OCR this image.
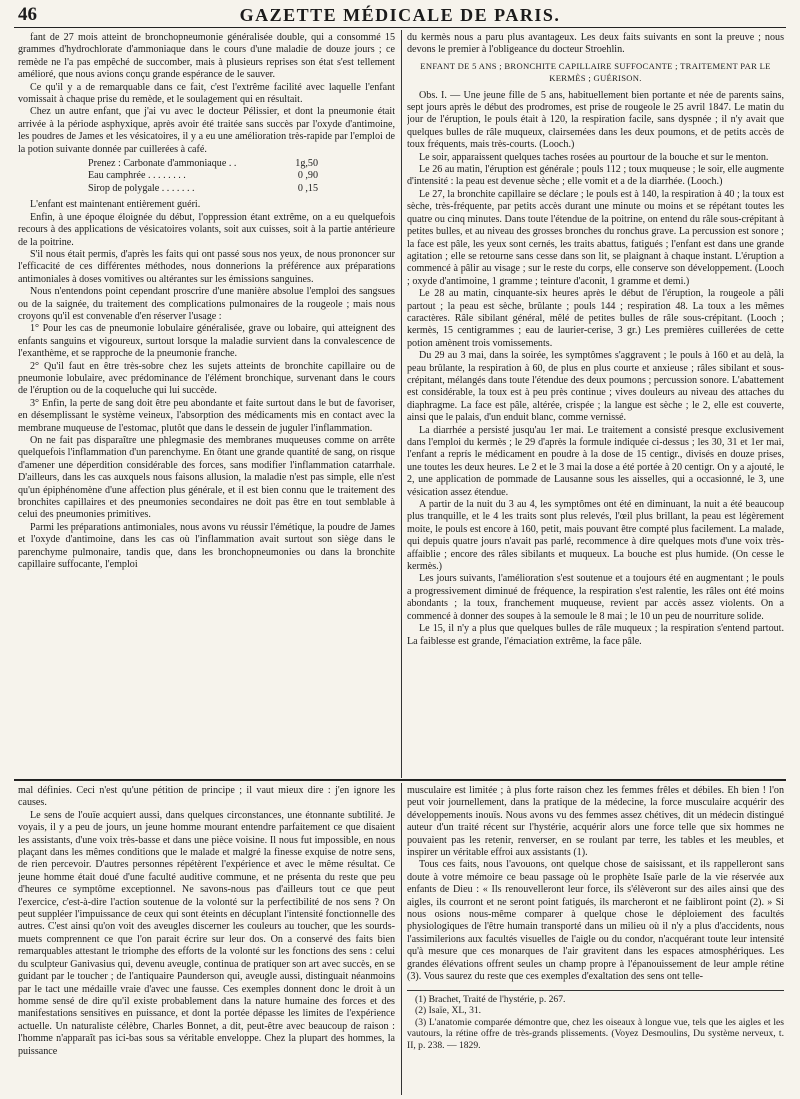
46	GAZETTE MÉDICALE DE PARIS.

fant de 27 mois atteint de bronchopneumonie généralisée double, qui a consommé 15 grammes d'hydrochlorate d'ammoniaque dans le cours d'une maladie de douze jours ; ce remède ne l'a pas empêché de succomber, mais à plusieurs reprises son état s'est tellement amélioré, que nous avions conçu grande espérance de le sauver.

Ce qu'il y a de remarquable dans ce fait, c'est l'extrême facilité avec laquelle l'enfant vomissait à chaque prise du remède, et le soulagement qui en résultait.

Chez un autre enfant, que j'ai vu avec le docteur Pélissier, et dont la pneumonie était arrivée à la période asphyxique, après avoir été traitée sans succès par l'oxyde d'antimoine, les poudres de James et les vésicatoires, il y a eu une amélioration très-rapide par l'emploi de la potion suivante donnée par cuillerées à café.

Prenez : Carbonate d'ammoniaque . .	1g,50
Eau camphrée . . . . . . . .	0 ,90
Sirop de polygale . . . . . . .	0 ,15

L'enfant est maintenant entièrement guéri.

Enfin, à une époque éloignée du début, l'oppression étant extrême, on a eu quelquefois recours à des applications de vésicatoires volants, soit aux cuisses, soit à la partie antérieure de la poitrine.

S'il nous était permis, d'après les faits qui ont passé sous nos yeux, de nous prononcer sur l'efficacité de ces différentes méthodes, nous donnerions la préférence aux préparations antimoniales à doses vomitives ou altérantes sur les émissions sanguines.

Nous n'entendons point cependant proscrire d'une manière absolue l'emploi des sangsues ou de la saignée, du traitement des complications pulmonaires de la rougeole ; mais nous croyons qu'il est convenable d'en réserver l'usage :

1° Pour les cas de pneumonie lobulaire généralisée, grave ou lobaire, qui atteignent des enfants sanguins et vigoureux, surtout lorsque la maladie survient dans la convalescence de l'exanthème, et se rapproche de la pneumonie franche.

2° Qu'il faut en être très-sobre chez les sujets atteints de bronchite capillaire ou de pneumonie lobulaire, avec prédominance de l'élément bronchique, survenant dans le cours de l'éruption ou de la coqueluche qui lui succède.

3° Enfin, la perte de sang doit être peu abondante et faite surtout dans le but de favoriser, en désemplissant le système veineux, l'absorption des médicaments mis en contact avec la membrane muqueuse de l'estomac, plutôt que dans le dessein de juguler l'inflammation.

On ne fait pas disparaître une phlegmasie des membranes muqueuses comme on arrête quelquefois l'inflammation d'un parenchyme. En ôtant une grande quantité de sang, on risque d'amener une déperdition considérable des forces, sans modifier l'inflammation catarrhale. D'ailleurs, dans les cas auxquels nous faisons allusion, la maladie n'est pas simple, elle n'est qu'un épiphénomène d'une affection plus générale, et il est bien connu que le traitement des bronchites capillaires et des pneumonies secondaires ne doit pas être en tout semblable à celui des pneumonies primitives.

Parmi les préparations antimoniales, nous avons vu réussir l'émétique, la poudre de James et l'oxyde d'antimoine, dans les cas où l'inflammation avait surtout son siège dans le parenchyme pulmonaire, tandis que, dans les bronchopneumonies ou dans la bronchite capillaire suffocante, l'emploi

du kermès nous a paru plus avantageux. Les deux faits suivants en sont la preuve ; nous devons le premier à l'obligeance du docteur Stroehlin.

ENFANT DE 5 ANS ; BRONCHITE CAPILLAIRE SUFFOCANTE ; TRAITEMENT PAR LE KERMÈS ; GUÉRISON.

Obs. I. — Une jeune fille de 5 ans, habituellement bien portante et née de parents sains, sept jours après le début des prodromes, est prise de rougeole le 25 avril 1847. Le matin du jour de l'éruption, le pouls était à 120, la respiration facile, sans dyspnée ; il n'y avait que quelques bulles de râle muqueux, clairsemées dans les deux poumons, et de petits accès de toux fréquents, mais très-courts. (Looch.)

Le soir, apparaissent quelques taches rosées au pourtour de la bouche et sur le menton.

Le 26 au matin, l'éruption est générale ; pouls 112 ; toux muqueuse ; le soir, elle augmente d'intensité : la peau est devenue sèche ; elle vomit et a de la diarrhée. (Looch.)

Le 27, la bronchite capillaire se déclare ; le pouls est à 140, la respiration à 40 ; la toux est sèche, très-fréquente, par petits accès durant une minute ou moins et se répétant toutes les quatre ou cinq minutes. Dans toute l'étendue de la poitrine, on entend du râle sous-crépitant à petites bulles, et au niveau des grosses bronches du ronchus grave. La percussion est sonore ; la face est pâle, les yeux sont cernés, les traits abattus, fatigués ; l'enfant est dans une grande agitation ; elle se retourne sans cesse dans son lit, se plaignant à chaque instant. L'éruption a commencé à pâlir au visage ; sur le reste du corps, elle conserve son développement. (Looch ; oxyde d'antimoine, 1 gramme ; teinture d'aconit, 1 gramme et demi.)

Le 28 au matin, cinquante-six heures après le début de l'éruption, la rougeole a pâli partout ; la peau est sèche, brûlante ; pouls 144 ; respiration 48. La toux a les mêmes caractères. Râle sibilant général, mêlé de petites bulles de râle sous-crépitant. (Looch ; kermès, 15 centigrammes ; eau de laurier-cerise, 3 gr.) Les premières cuillerées de cette potion amènent trois vomissements.

Du 29 au 3 mai, dans la soirée, les symptômes s'aggravent ; le pouls à 160 et au delà, la peau brûlante, la respiration à 60, de plus en plus courte et anxieuse ; râles sibilant et sous-crépitant, mélangés dans toute l'étendue des deux poumons ; percussion sonore. L'abattement est considérable, la toux est à peu près continue ; vives douleurs au niveau des attaches du diaphragme. La face est pâle, altérée, crispée ; la langue est sèche ; le 2, elle est couverte, ainsi que le palais, d'un enduit blanc, comme vernissé.

La diarrhée a persisté jusqu'au 1er mai. Le traitement a consisté presque exclusivement dans l'emploi du kermès ; le 29 d'après la formule indiquée ci-dessus ; les 30, 31 et 1er mai, l'enfant a reprís le médicament en poudre à la dose de 15 centigr., divisés en douze prises, une toutes les deux heures. Le 2 et le 3 mai la dose a été portée à 20 centigr. On y a ajouté, le 2, une application de pommade de Lausanne sous les aisselles, qui a occasionné, le 3, une vésication assez étendue.

A partir de la nuit du 3 au 4, les symptômes ont été en diminuant, la nuit a été beaucoup plus tranquille, et le 4 les traits sont plus relevés, l'œil plus brillant, la peau est légèrement moite, le pouls est encore à 160, petit, mais pouvant être compté plus facilement. La malade, qui depuis quatre jours n'avait pas parlé, recommence à dire quelques mots d'une voix très-affaiblie ; encore des râles sibilants et muqueux. La bouche est plus humide. (On cesse le kermès.)

Les jours suivants, l'amélioration s'est soutenue et a toujours été en augmentant ; le pouls a progressivement diminué de fréquence, la respiration s'est ralentie, les râles ont été moins abondants ; la toux, franchement muqueuse, revient par accès assez violents. On a commencé à donner des soupes à la semoule le 8 mai ; le 10 un peu de nourriture solide.

Le 15, il n'y a plus que quelques bulles de râle muqueux ; la respiration s'entend partout. La faiblesse est grande, l'émaciation extrême, la face pâle.

mal définies. Ceci n'est qu'une pétition de principe ; il vaut mieux dire : j'en ignore les causes.

Le sens de l'ouïe acquiert aussi, dans quelques circonstances, une étonnante subtilité. Je voyais, il y a peu de jours, un jeune homme mourant entendre parfaitement ce que disaient les assistants, d'une voix très-basse et dans une pièce voisine. Il nous fut impossible, en nous plaçant dans les mêmes conditions que le malade et malgré la finesse exquise de notre sens, de rien percevoir. D'autres personnes répétèrent l'expérience et avec le même résultat. Ce jeune homme était doué d'une faculté auditive commune, et ne présenta du reste que peu d'heures ce symptôme exceptionnel. Ne savons-nous pas d'ailleurs tout ce que peut l'exercice, c'est-à-dire l'action soutenue de la volonté sur la perfectibilité de nos sens ? On peut suppléer l'impuissance de ceux qui sont éteints en décuplant l'intensité fonctionnelle des autres. C'est ainsi qu'on voit des aveugles discerner les couleurs au toucher, que les sourds-muets comprennent ce que l'on parait écrire sur leur dos. On a conservé des faits bien remarquables attestant le triomphe des efforts de la volonté sur les fonctions des sens : celui du sculpteur Ganivasius qui, devenu aveugle, continua de pratiquer son art avec succès, en se guidant par le toucher ; de l'antiquaire Paunderson qui, aveugle aussi, distinguait néanmoins par le tact une médaille vraie d'avec une fausse. Ces exemples donnent donc le droit à un homme sensé de dire qu'il existe probablement dans la nature humaine des forces et des manifestations sensitives en puissance, et dont la portée dépasse les limites de l'expérience actuelle. Un naturaliste célèbre, Charles Bonnet, a dit, peut-être avec beaucoup de raison : l'homme n'apparaît pas ici-bas sous sa véritable enveloppe. Chez la plupart des hommes, la puissance

musculaire est limitée ; à plus forte raison chez les femmes frêles et débiles. Eh bien ! l'on peut voir journellement, dans la pratique de la médecine, la force musculaire acquérir des développements inouïs. Nous avons vu des femmes assez chétives, dit un médecin distingué auteur d'un traité récent sur l'hystérie, acquérir alors une force telle que six hommes ne pouvaient pas les retenir, renverser, en se roulant par terre, les tables et les meubles, et inspirer un véritable effroi aux assistants (1).

Tous ces faits, nous l'avouons, ont quelque chose de saisissant, et ils rappelleront sans doute à votre mémoire ce beau passage où le prophète Isaïe parle de la vie réservée aux enfants de Dieu : « Ils renouvelleront leur force, ils s'élèveront sur des ailes ainsi que des aigles, ils courront et ne seront point fatigués, ils marcheront et ne faibliront point (2). » Si nous osions nous-même comparer à quelque chose le déploiement des facultés physiologiques de l'être humain transporté dans un milieu où il n'y a plus d'accidents, nous l'assimilerions aux facultés visuelles de l'aigle ou du condor, n'acquérant toute leur intensité qu'à mesure que ces monarques de l'air gravitent dans les espaces atmosphériques. Les grandes élévations offrent seules un champ propre à l'épanouissement de leur ample rétine (3). Vous saurez du reste que ces exemples d'exaltation des sens ont telle-

(1) Brachet, Traité de l'hystérie, p. 267.

(2) Isaïe, XL, 31.

(3) L'anatomie comparée démontre que, chez les oiseaux à longue vue, tels que les aigles et les vautours, la rétine offre de très-grands plissements. (Voyez Desmoulins, Du système nerveux, t. II, p. 238. — 1829.
